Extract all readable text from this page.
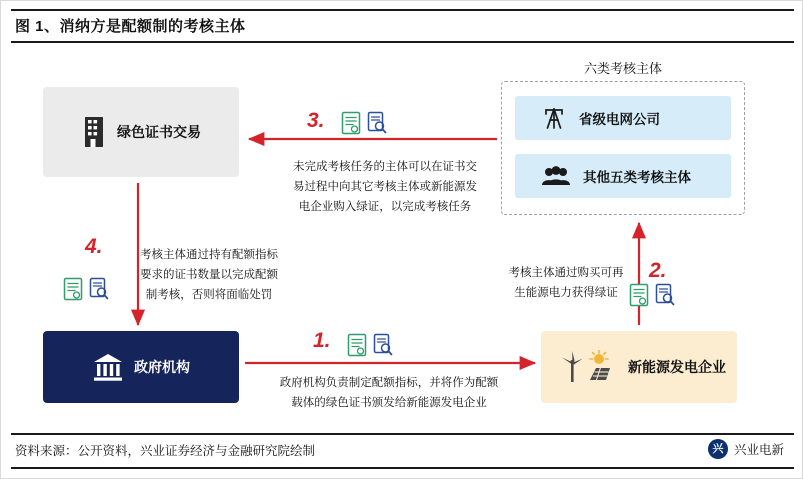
图 1、消纳方是配额制的考核主体
绿色证书交易
政府机构	新能源发电企业
六类考核主体
省级电网公司
其他五类考核主体
1.
2.
3.
4.
政府机构负责制定配额指标，并将作为配额
载体的绿色证书颁发给新能源发电企业
考核主体通过购买可再
生能源电力获得绿证
未完成考核任务的主体可以在证书交
易过程中向其它考核主体或新能源发
电企业购入绿证，以完成考核任务
考核主体通过持有配额指标
要求的证书数量以完成配额
制考核，否则将面临处罚
资料来源：公开资料，兴业证券经济与金融研究院绘制	兴 兴业电新
